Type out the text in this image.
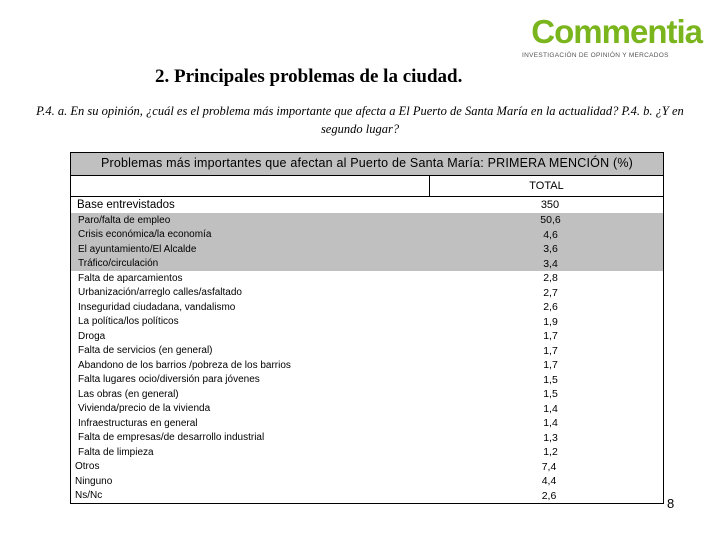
Commentia
INVESTIGACIÓN DE OPINIÓN Y MERCADOS
2. Principales problemas de la ciudad.
P.4. a. En su opinión, ¿cuál es el problema más importante que afecta a El Puerto de Santa María en la actualidad? P.4. b. ¿Y en segundo lugar?
Problemas más importantes que afectan al Puerto de Santa María: PRIMERA MENCIÓN (%)
TOTAL
Base entrevistados	350
Paro/falta de empleo	50,6
Crisis económica/la economía	4,6
El ayuntamiento/El Alcalde	3,6
Tráfico/circulación	3,4
Falta de aparcamientos	2,8
Urbanización/arreglo calles/asfaltado	2,7
Inseguridad ciudadana, vandalismo	2,6
La política/los políticos	1,9
Droga	1,7
Falta de servicios (en general)	1,7
Abandono de los barrios /pobreza de los barrios	1,7
Falta lugares ocio/diversión para jóvenes	1,5
Las obras (en general)	1,5
Vivienda/precio de la vivienda	1,4
Infraestructuras en general	1,4
Falta de empresas/de desarrollo industrial	1,3
Falta de limpieza	1,2
Otros	7,4
Ninguno	4,4
Ns/Nc	2,6
8
